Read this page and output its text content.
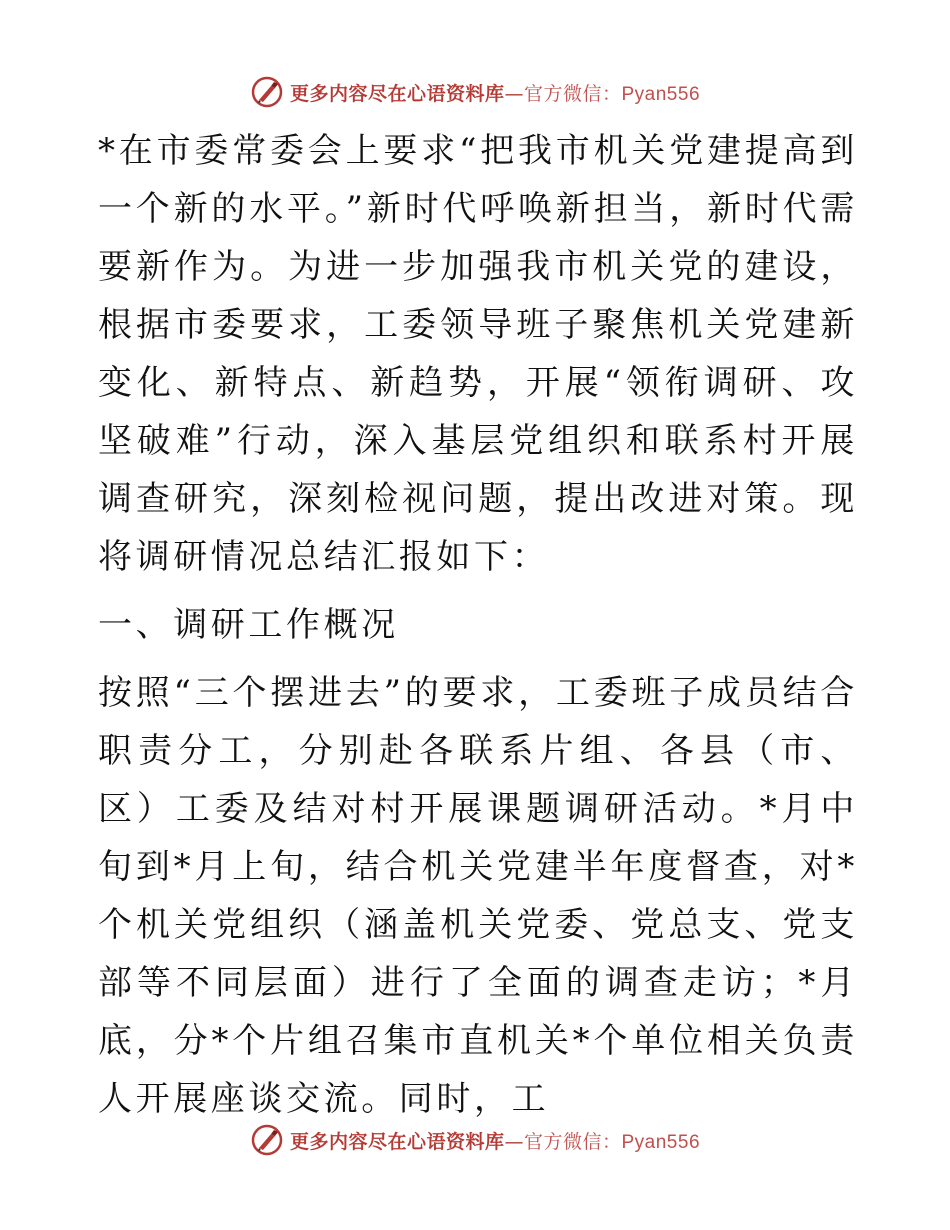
更多内容尽在心语资料库—官方微信：Pyan556

*在市委常委会上要求“把我市机关党建提高到一个新的水平。”新时代呼唤新担当，新时代需要新作为。为进一步加强我市机关党的建设，根据市委要求，工委领导班子聚焦机关党建新变化、新特点、新趋势，开展“领衔调研、攻坚破难”行动，深入基层党组织和联系村开展调查研究，深刻检视问题，提出改进对策。现将调研情况总结汇报如下：

一、调研工作概况

按照“三个摆进去”的要求，工委班子成员结合职责分工，分别赴各联系片组、各县（市、区）工委及结对村开展课题调研活动。*月中旬到*月上旬，结合机关党建半年度督查，对*个机关党组织（涵盖机关党委、党总支、党支部等不同层面）进行了全面的调查走访；*月底，分*个片组召集市直机关*个单位相关负责人开展座谈交流。同时，工

更多内容尽在心语资料库—官方微信：Pyan556
